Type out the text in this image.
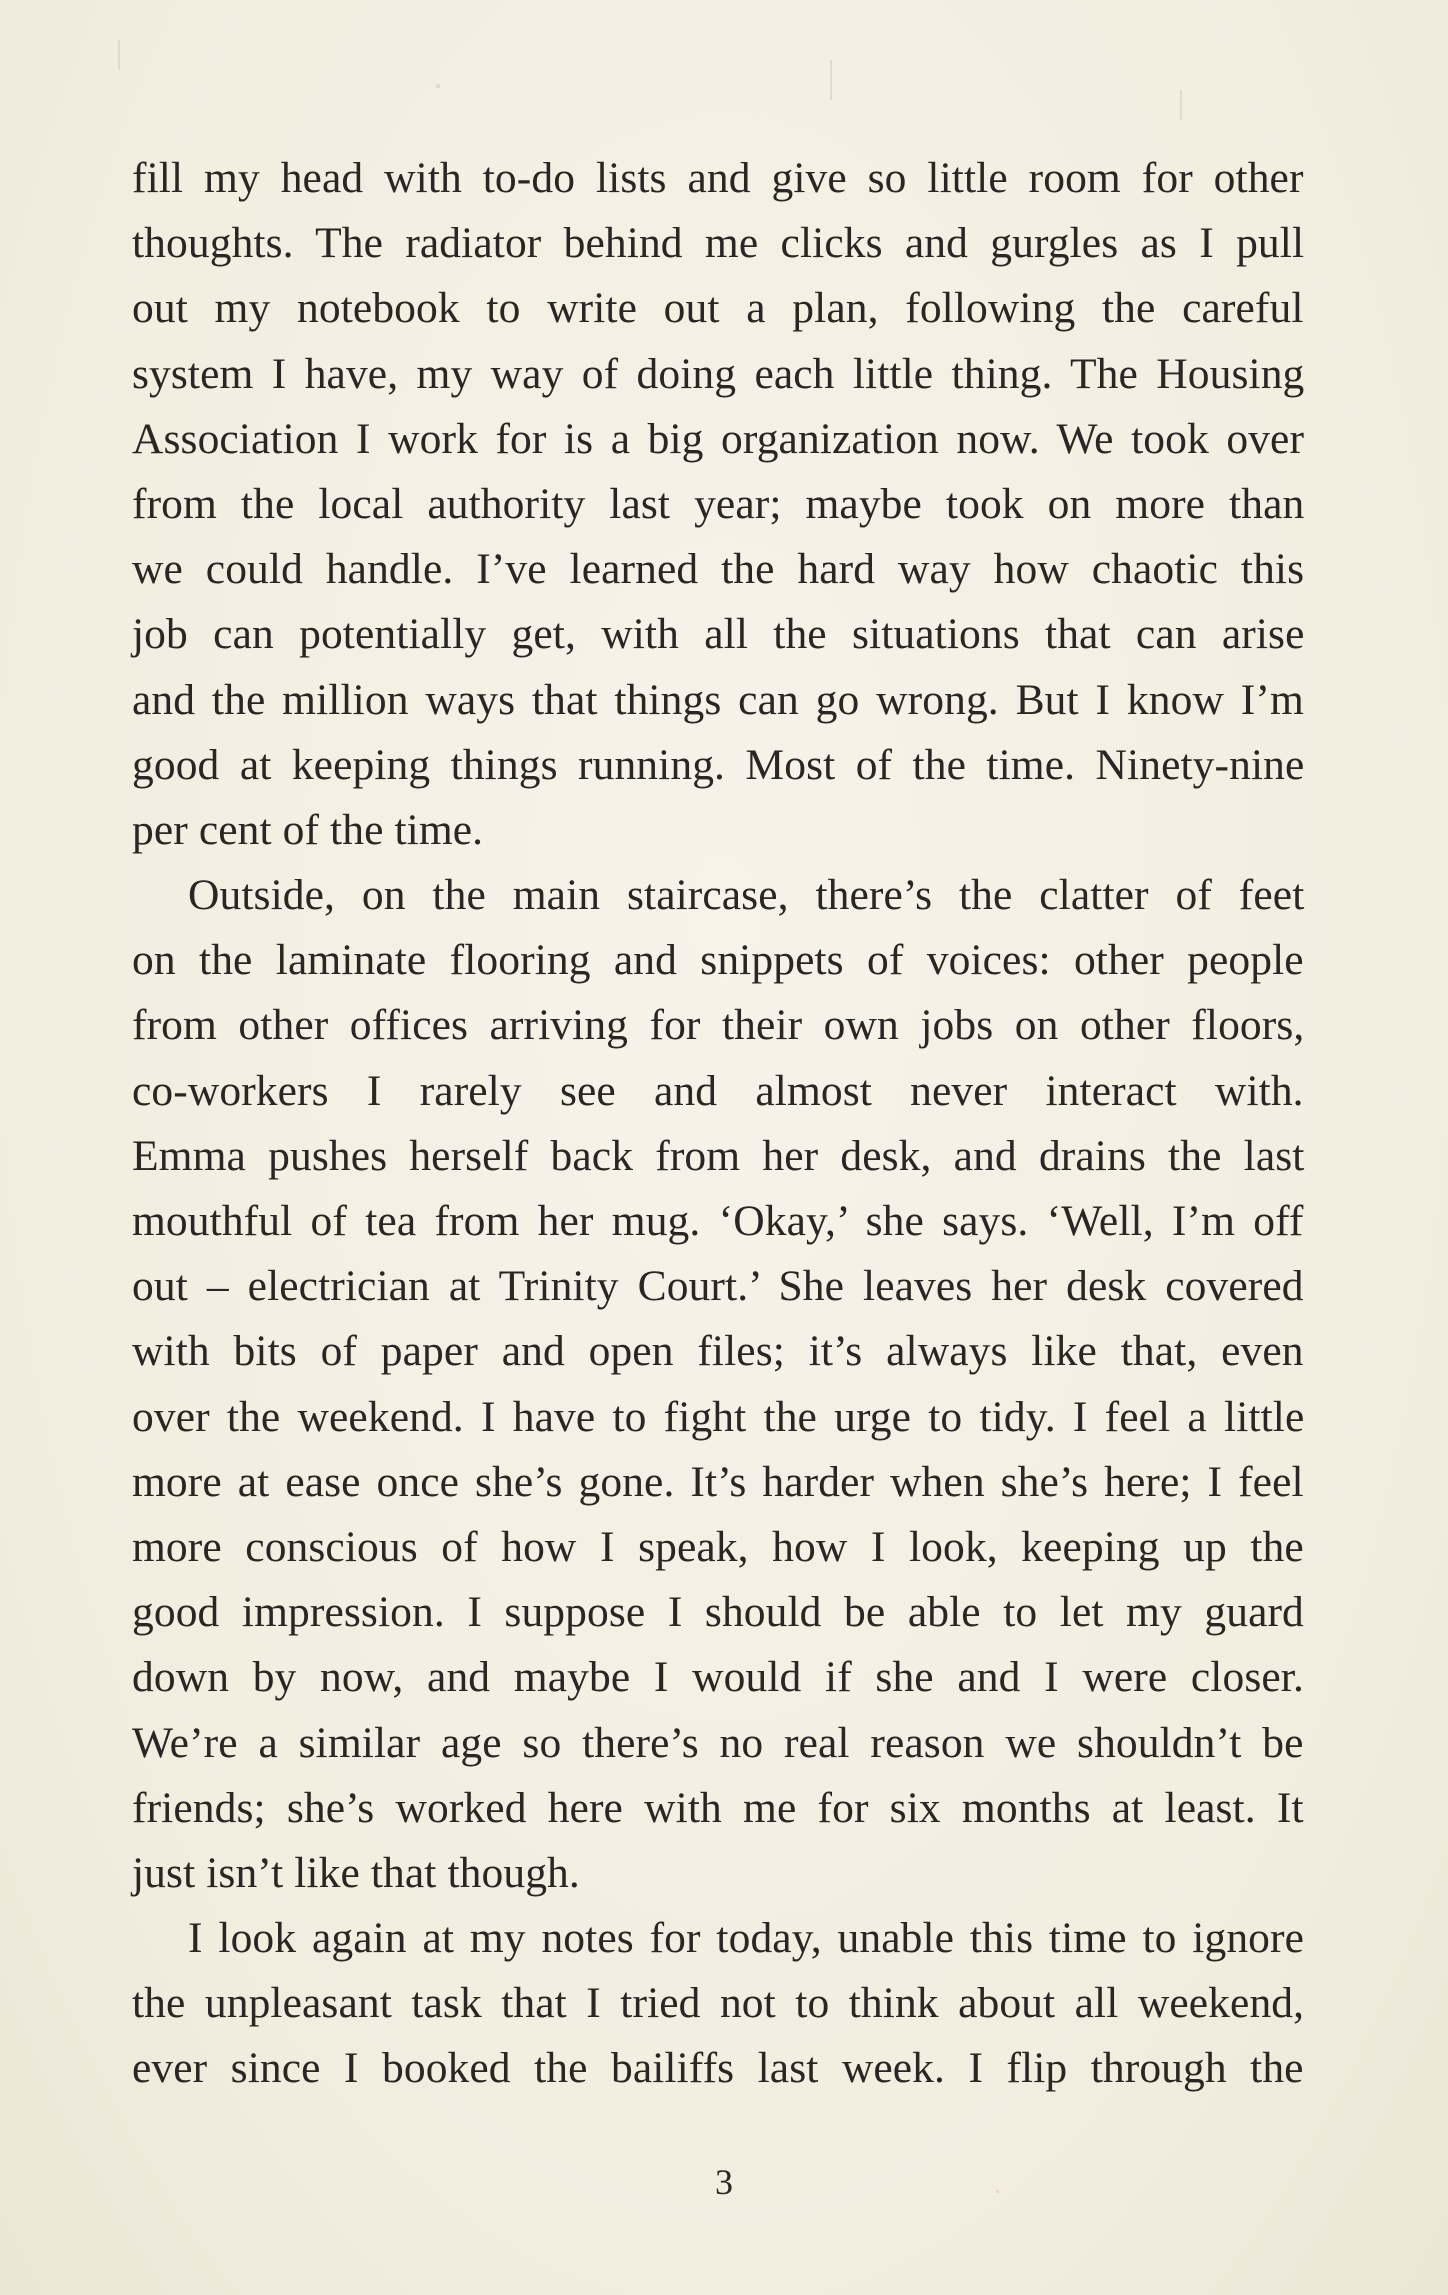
fill my head with to-do lists and give so little room for other
thoughts. The radiator behind me clicks and gurgles as I pull
out my notebook to write out a plan, following the careful
system I have, my way of doing each little thing. The Housing
Association I work for is a big organization now. We took over
from the local authority last year; maybe took on more than
we could handle. I’ve learned the hard way how chaotic this
job can potentially get, with all the situations that can arise
and the million ways that things can go wrong. But I know I’m
good at keeping things running. Most of the time. Ninety-nine
per cent of the time.
Outside, on the main staircase, there’s the clatter of feet
on the laminate flooring and snippets of voices: other people
from other offices arriving for their own jobs on other floors,
co-workers I rarely see and almost never interact with.
Emma pushes herself back from her desk, and drains the last
mouthful of tea from her mug. ‘Okay,’ she says. ‘Well, I’m off
out – electrician at Trinity Court.’ She leaves her desk covered
with bits of paper and open files; it’s always like that, even
over the weekend. I have to fight the urge to tidy. I feel a little
more at ease once she’s gone. It’s harder when she’s here; I feel
more conscious of how I speak, how I look, keeping up the
good impression. I suppose I should be able to let my guard
down by now, and maybe I would if she and I were closer.
We’re a similar age so there’s no real reason we shouldn’t be
friends; she’s worked here with me for six months at least. It
just isn’t like that though.
I look again at my notes for today, unable this time to ignore
the unpleasant task that I tried not to think about all weekend,
ever since I booked the bailiffs last week. I flip through the
3
